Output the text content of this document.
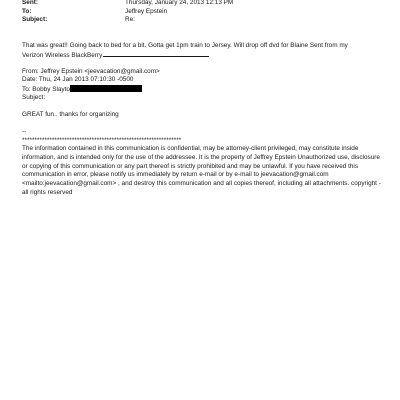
Sent:	Thursday, January 24, 2013 12:13 PM
To:	Jeffrey Epstein
Subject:	Re:
That was great!! Going back to bed for a bit. Gotta get 1pm train to Jersey. Will drop off dvd for Blaine Sent from my
Verizon Wireless BlackBerry
From: Jeffrey Epstein <jeevacation@gmail.com>
Date: Thu, 24 Jan 2013 07:10:30 -0500
To: Bobby Slayto
Subject:
GREAT fun.. thanks for organizing
--
****************************************************************
The information contained in this communication is confidential, may be attorney-client privileged, may constitute inside information, and is intended only for the use of the addressee. It is the property of Jeffrey Epstein Unauthorized use, disclosure or copying of this communication or any part thereof is strictly prohibited and may be unlawful. If you have received this communication in error, please notify us immediately by return e-mail or by e-mail to jeevacation@gmail.com <mailto:jeevacation@gmail.com> , and destroy this communication and all copies thereof, including all attachments. copyright -all rights reserved
